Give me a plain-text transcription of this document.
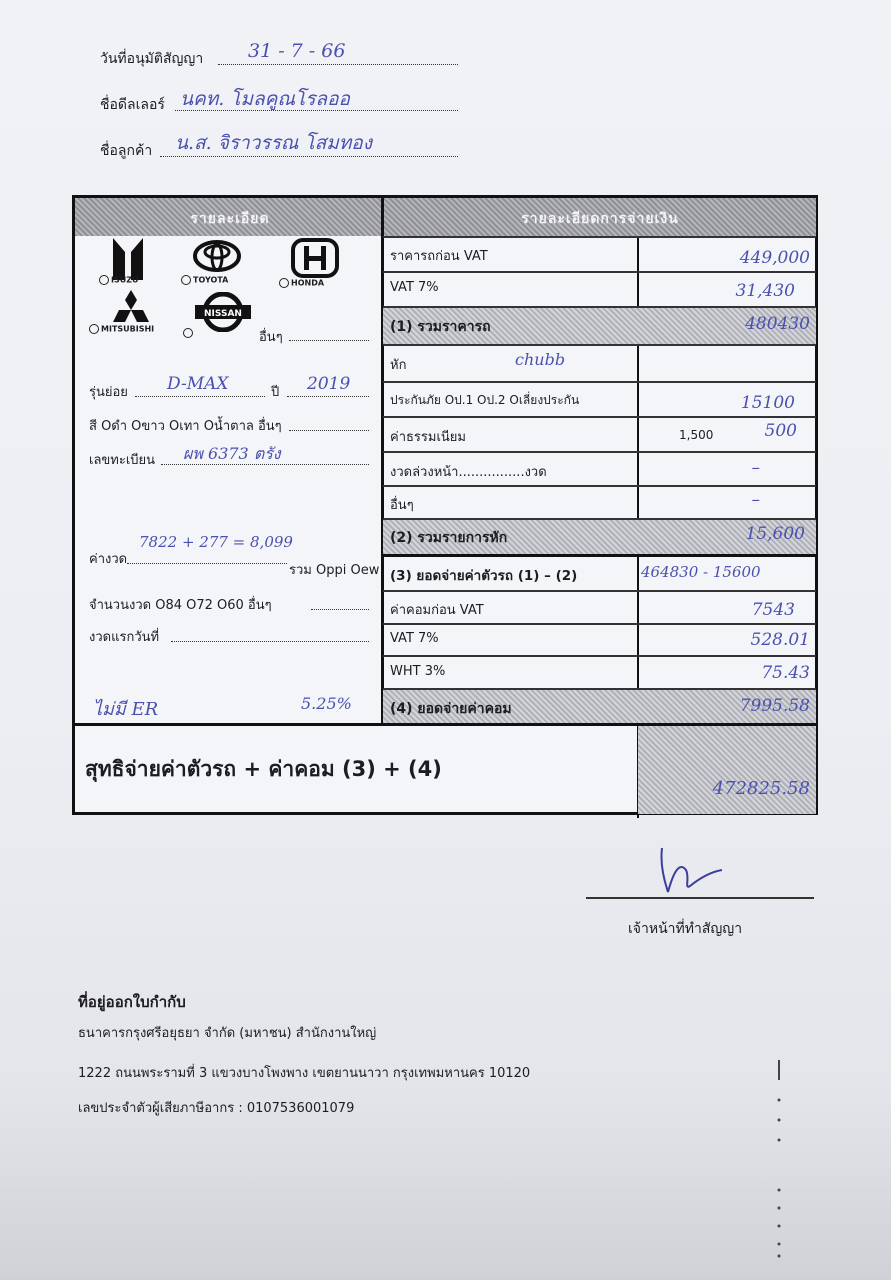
วันที่อนุมัติสัญญา 31 - 7 - 66
ชื่อดีลเลอร์ นคท. โมลคูณโรลออ
ชื่อลูกค้า น.ส. จิราวรรณ โสมทอง
รายละเอียด	รายละเอียดการจ่ายเงิน
ราคารถก่อน VAT	449,000
VAT 7%	31,430
(1) รวมราคารถ	480430
หัก	chubb
ประกันภัย Oป.1 Oป.2 Oเลี่ยงประกัน	15100
ค่าธรรมเนียม	1,500	500
งวดล่วงหน้า................งวด	–
อื่นๆ	–
(2) รวมรายการหัก	15,600
(3) ยอดจ่ายค่าตัวรถ (1) – (2)	464830 - 15600
ค่าคอมก่อน VAT	7543
VAT 7%	528.01
WHT 3%	75.43
(4) ยอดจ่ายค่าคอม	7995.58
สุทธิจ่ายค่าตัวรถ + ค่าคอม (3) + (4)
472825.58
ISUZU	TOYOTA	HONDA
MITSUBISHI
NISSAN
อื่นๆ
รุ่นย่อย D-MAX	ปี 2019
สี Oดำ Oขาว Oเทา Oน้ำตาล อื่นๆ
เลขทะเบียน ผพ 6373 ตรัง
ค่างวด
7822 + 277 = 8,099
รวม Oppi Oew
จำนวนงวด O84 O72 O60 อื่นๆ
งวดแรกวันที่
ไม่มี ER	5.25%
เจ้าหน้าที่ทำสัญญา
ที่อยู่ออกใบกำกับ
ธนาคารกรุงศรีอยุธยา จำกัด (มหาชน) สำนักงานใหญ่
1222 ถนนพระรามที่ 3 แขวงบางโพงพาง เขตยานนาวา กรุงเทพมหานคร 10120
เลขประจำตัวผู้เสียภาษีอากร : 0107536001079
